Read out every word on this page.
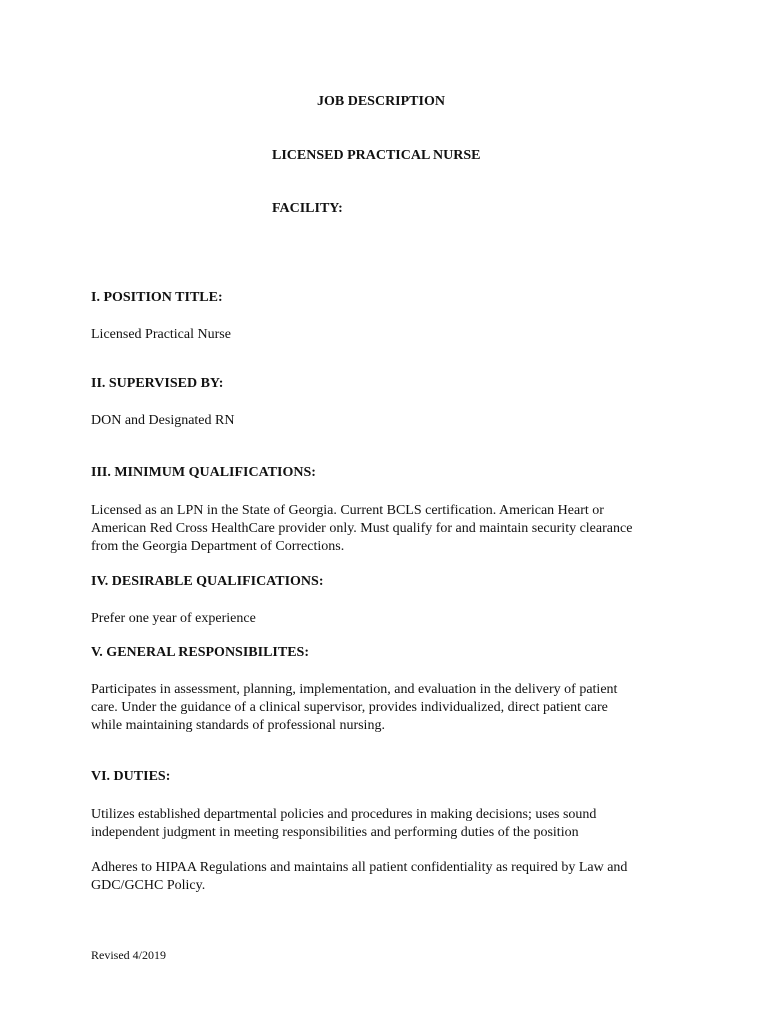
JOB DESCRIPTION
LICENSED PRACTICAL NURSE
FACILITY:
I. POSITION TITLE:
Licensed Practical Nurse
II. SUPERVISED BY:
DON and Designated RN
III. MINIMUM QUALIFICATIONS:
Licensed as an LPN in the State of Georgia. Current BCLS certification. American Heart or
American Red Cross HealthCare provider only. Must qualify for and maintain security clearance
from the Georgia Department of Corrections.
IV. DESIRABLE QUALIFICATIONS:
Prefer one year of experience
V. GENERAL RESPONSIBILITES:
Participates in assessment, planning, implementation, and evaluation in the delivery of patient
care. Under the guidance of a clinical supervisor, provides individualized, direct patient care
while maintaining standards of professional nursing.
VI. DUTIES:
Utilizes established departmental policies and procedures in making decisions; uses sound
independent judgment in meeting responsibilities and performing duties of the position
Adheres to HIPAA Regulations and maintains all patient confidentiality as required by Law and
GDC/GCHC Policy.
Revised 4/2019
